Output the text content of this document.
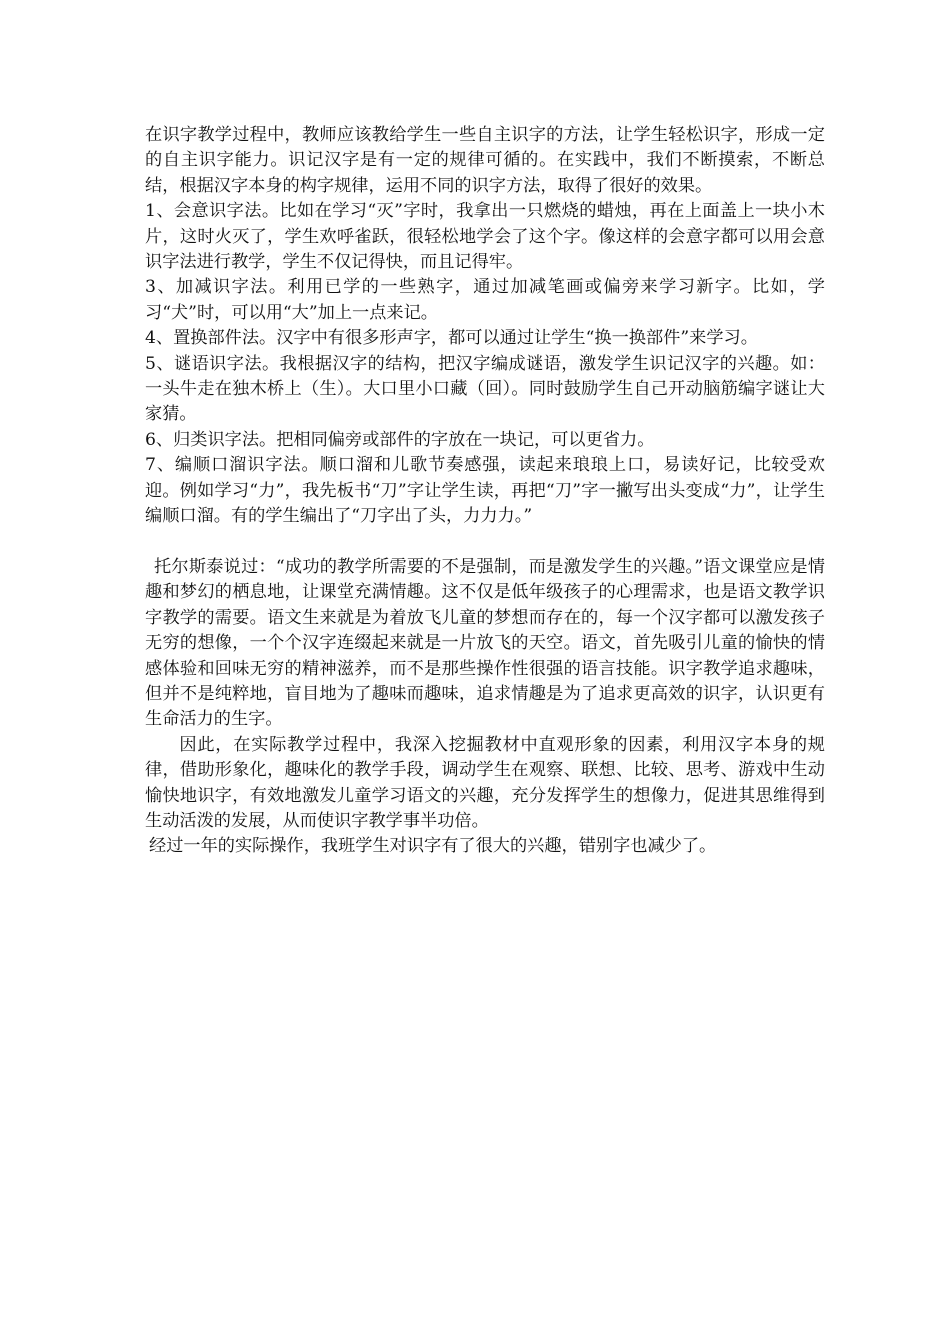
在识字教学过程中，教师应该教给学生一些自主识字的方法，让学生轻松识字，形成一定的自主识字能力。识记汉字是有一定的规律可循的。在实践中，我们不断摸索，不断总结，根据汉字本身的构字规律，运用不同的识字方法，取得了很好的效果。

1、会意识字法。比如在学习“灭”字时，我拿出一只燃烧的蜡烛，再在上面盖上一块小木片，这时火灭了，学生欢呼雀跃，很轻松地学会了这个字。像这样的会意字都可以用会意识字法进行教学，学生不仅记得快，而且记得牢。

3、加减识字法。利用已学的一些熟字，通过加减笔画或偏旁来学习新字。比如，学习“犬”时，可以用“大”加上一点来记。

4、置换部件法。汉字中有很多形声字，都可以通过让学生“换一换部件”来学习。

5、谜语识字法。我根据汉字的结构，把汉字编成谜语，激发学生识记汉字的兴趣。如：一头牛走在独木桥上（生）。大口里小口藏（回）。同时鼓励学生自己开动脑筋编字谜让大家猜。

6、归类识字法。把相同偏旁或部件的字放在一块记，可以更省力。

7、编顺口溜识字法。顺口溜和儿歌节奏感强，读起来琅琅上口，易读好记，比较受欢迎。例如学习“力”，我先板书“刀”字让学生读，再把“刀”字一撇写出头变成“力”，让学生编顺口溜。有的学生编出了“刀字出了头，力力力。”

托尔斯泰说过：“成功的教学所需要的不是强制，而是激发学生的兴趣。”语文课堂应是情趣和梦幻的栖息地，让课堂充满情趣。这不仅是低年级孩子的心理需求，也是语文教学识字教学的需要。语文生来就是为着放飞儿童的梦想而存在的，每一个汉字都可以激发孩子无穷的想像，一个个汉字连缀起来就是一片放飞的天空。语文，首先吸引儿童的愉快的情感体验和回味无穷的精神滋养，而不是那些操作性很强的语言技能。识字教学追求趣味，但并不是纯粹地，盲目地为了趣味而趣味，追求情趣是为了追求更高效的识字，认识更有生命活力的生字。

因此，在实际教学过程中，我深入挖掘教材中直观形象的因素，利用汉字本身的规律，借助形象化，趣味化的教学手段，调动学生在观察、联想、比较、思考、游戏中生动愉快地识字，有效地激发儿童学习语文的兴趣，充分发挥学生的想像力，促进其思维得到生动活泼的发展，从而使识字教学事半功倍。

经过一年的实际操作，我班学生对识字有了很大的兴趣，错别字也减少了。
